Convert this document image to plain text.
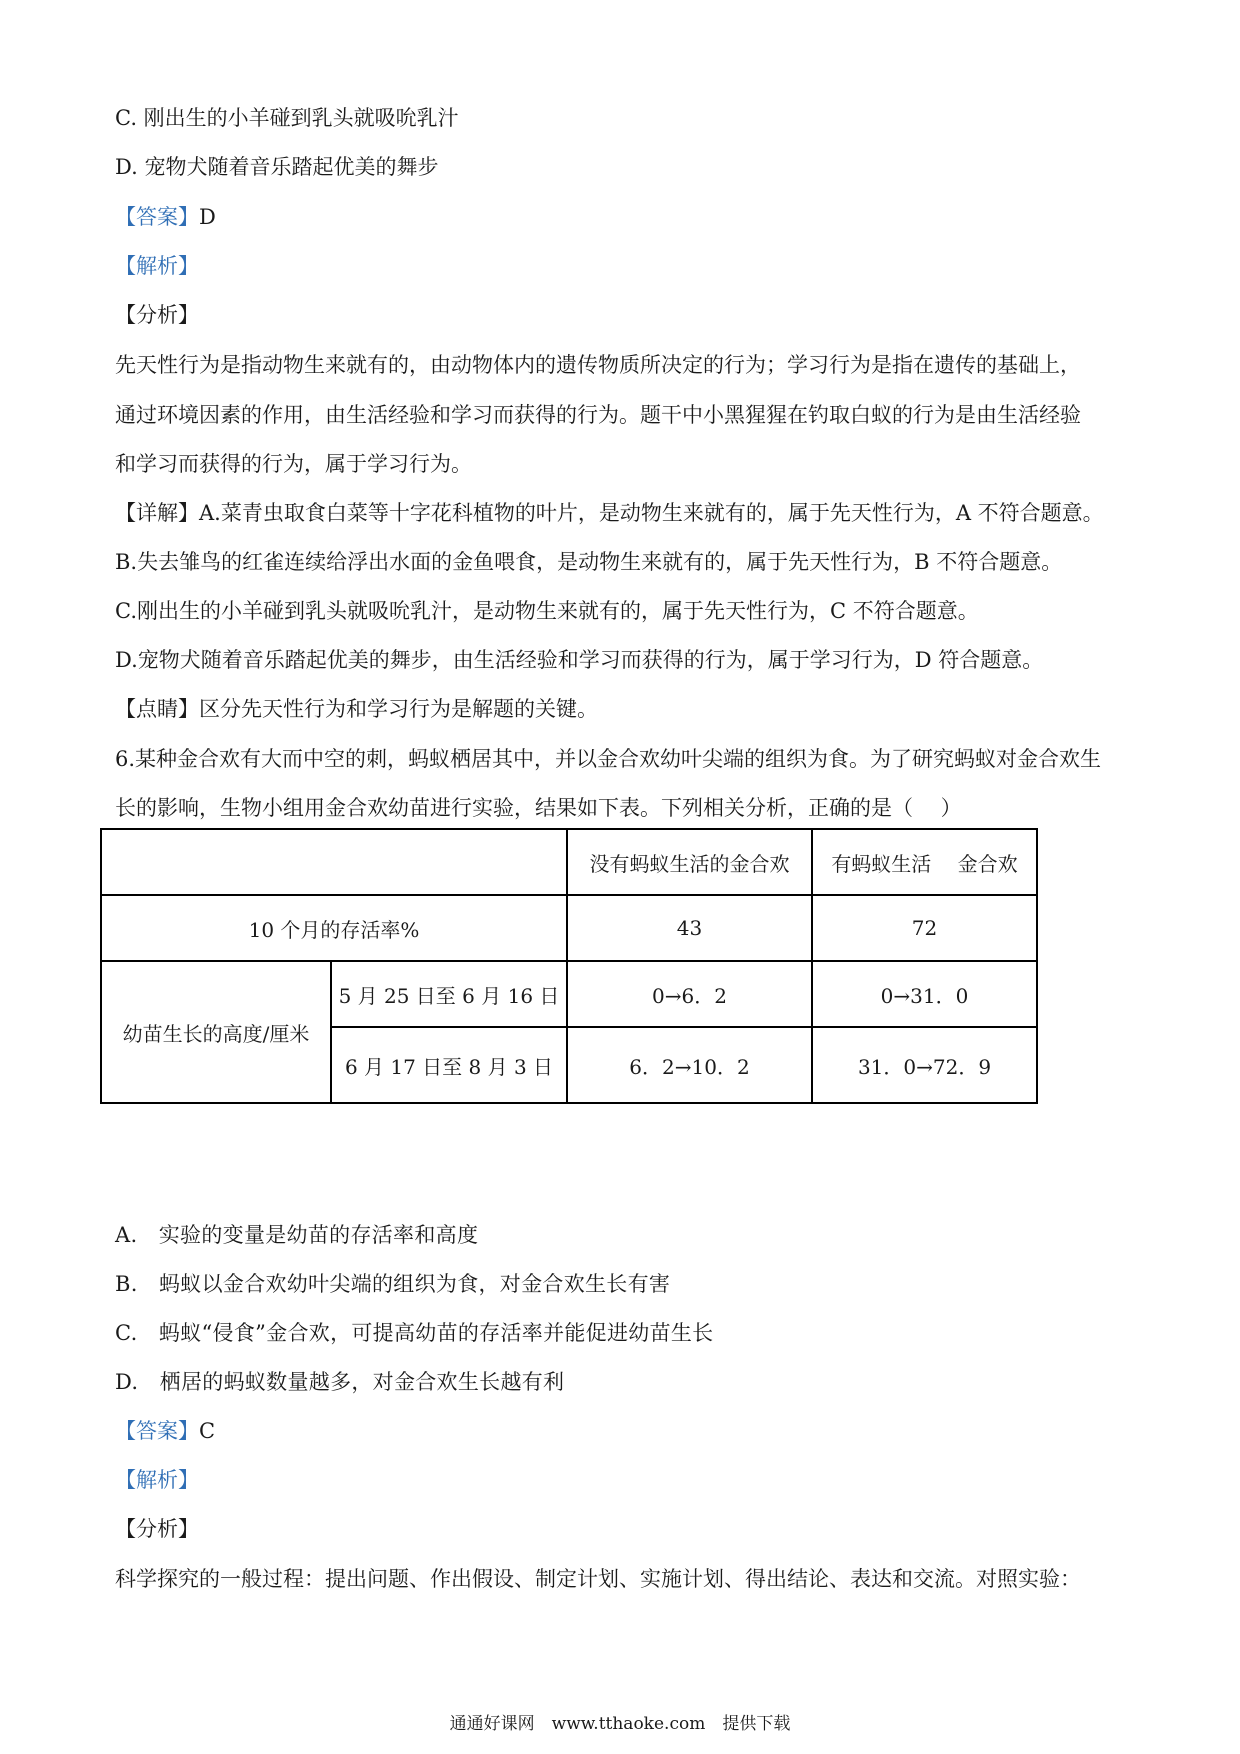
C. 刚出生的小羊碰到乳头就吸吮乳汁
D. 宠物犬随着音乐踏起优美的舞步
【答案】D
【解析】
【分析】
先天性行为是指动物生来就有的，由动物体内的遗传物质所决定的行为；学习行为是指在遗传的基础上，
通过环境因素的作用，由生活经验和学习而获得的行为。题干中小黑猩猩在钓取白蚁的行为是由生活经验
和学习而获得的行为，属于学习行为。
【详解】A.菜青虫取食白菜等十字花科植物的叶片，是动物生来就有的，属于先天性行为，A 不符合题意。
B.失去雏鸟的红雀连续给浮出水面的金鱼喂食，是动物生来就有的，属于先天性行为，B 不符合题意。
C.刚出生的小羊碰到乳头就吸吮乳汁，是动物生来就有的，属于先天性行为，C 不符合题意。
D.宠物犬随着音乐踏起优美的舞步，由生活经验和学习而获得的行为，属于学习行为，D 符合题意。
【点睛】区分先天性行为和学习行为是解题的关键。
6.某种金合欢有大而中空的刺，蚂蚁栖居其中，并以金合欢幼叶尖端的组织为食。为了研究蚂蚁对金合欢生
长的影响，生物小组用金合欢幼苗进行实验，结果如下表。下列相关分析，正确的是（　 ）
		没有蚂蚁生活的金合欢	有蚂蚁生活　 金合欢
10 个月的存活率%		43	72
幼苗生长的高度/厘米	5 月 25 日至 6 月 16 日	0→6．2	0→31．0
	6 月 17 日至 8 月 3 日	6．2→10．2	31．0→72．9
A.　实验的变量是幼苗的存活率和高度
B.　蚂蚁以金合欢幼叶尖端的组织为食，对金合欢生长有害
C.　蚂蚁“侵食”金合欢，可提高幼苗的存活率并能促进幼苗生长
D.　栖居的蚂蚁数量越多，对金合欢生长越有利
【答案】C
【解析】
【分析】
科学探究的一般过程：提出问题、作出假设、制定计划、实施计划、得出结论、表达和交流。对照实验：
通通好课网　www.tthaoke.com　提供下载
